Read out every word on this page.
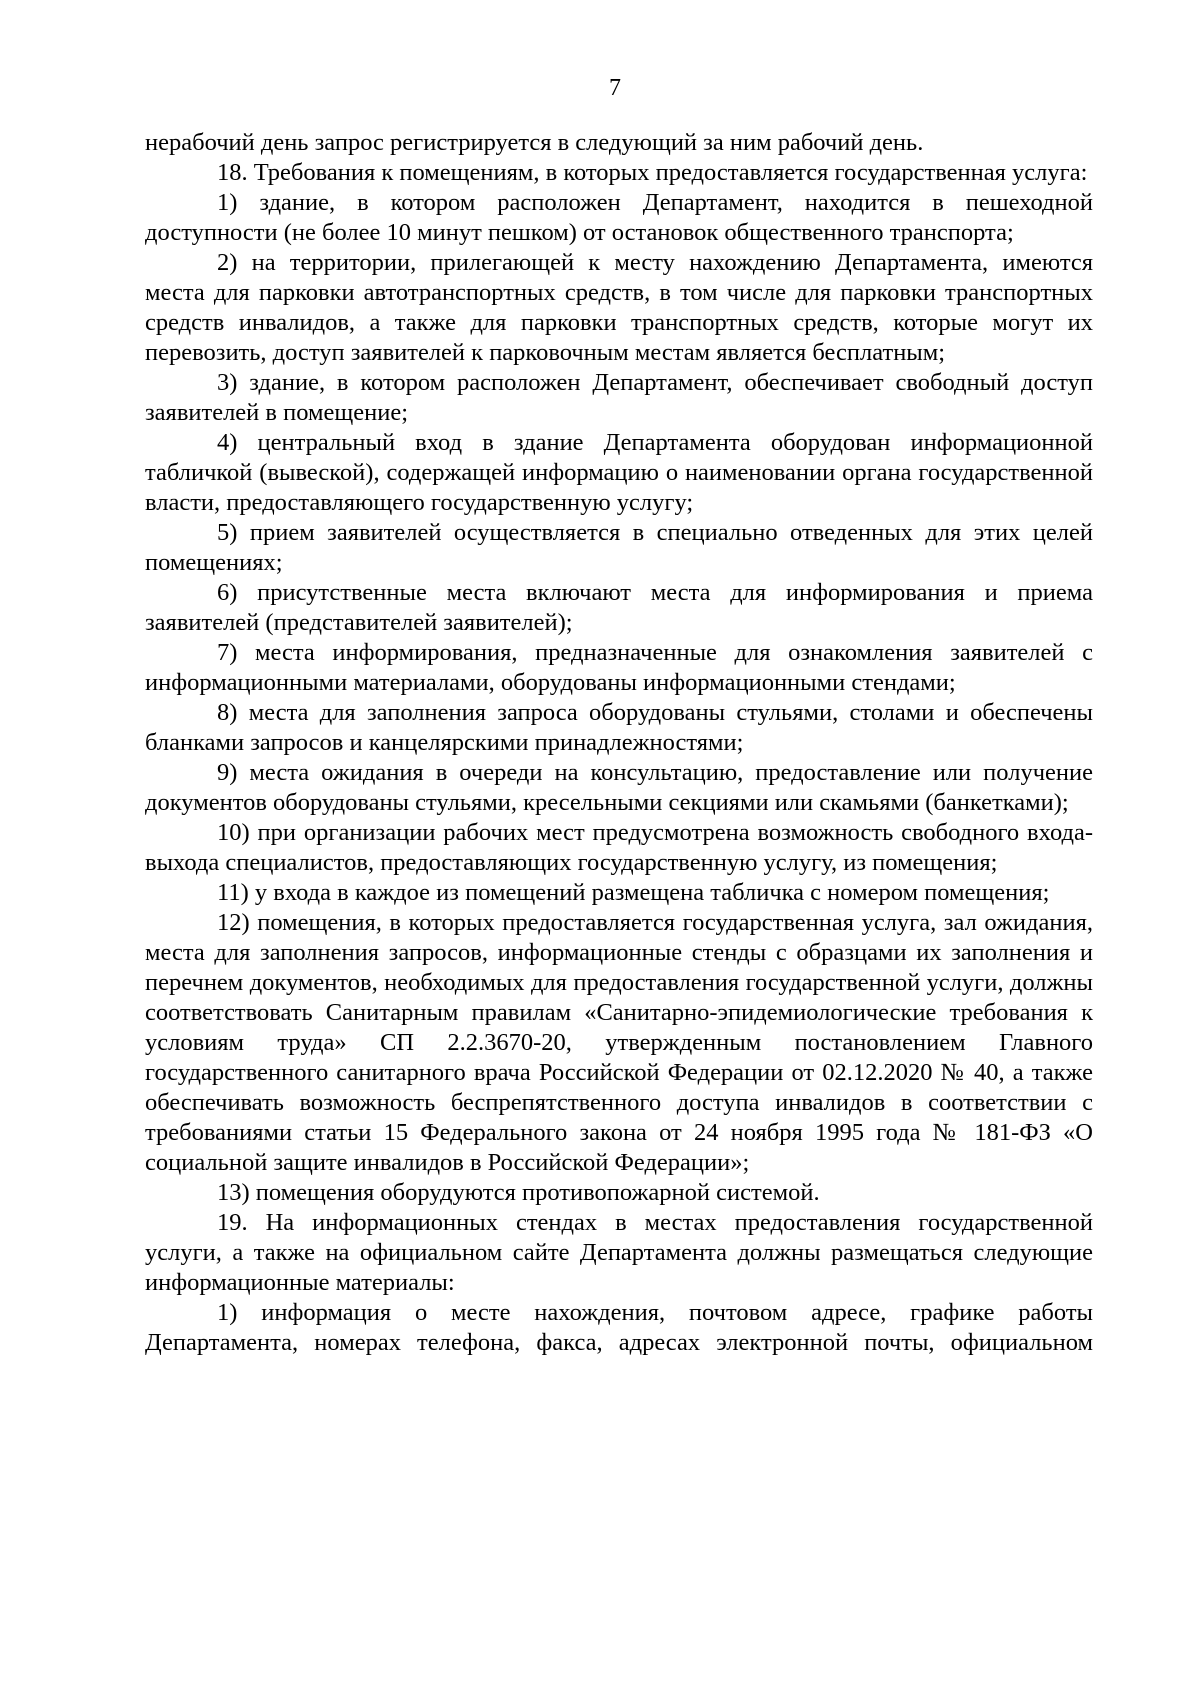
7

нерабочий день запрос регистрируется в следующий за ним рабочий день.

18. Требования к помещениям, в которых предоставляется государственная услуга:

1) здание, в котором расположен Департамент, находится в пешеходной доступности (не более 10 минут пешком) от остановок общественного транспорта;

2) на территории, прилегающей к месту нахождению Департамента, имеются места для парковки автотранспортных средств, в том числе для парковки транспортных средств инвалидов, а также для парковки транспортных средств, которые могут их перевозить, доступ заявителей к парковочным местам является бесплатным;

3) здание, в котором расположен Департамент, обеспечивает свободный доступ заявителей в помещение;

4) центральный вход в здание Департамента оборудован информационной табличкой (вывеской), содержащей информацию о наименовании органа государственной власти, предоставляющего государственную услугу;

5) прием заявителей осуществляется в специально отведенных для этих целей помещениях;

6) присутственные места включают места для информирования и приема заявителей (представителей заявителей);

7) места информирования, предназначенные для ознакомления заявителей с информационными материалами, оборудованы информационными стендами;

8) места для заполнения запроса оборудованы стульями, столами и обеспечены бланками запросов и канцелярскими принадлежностями;

9) места ожидания в очереди на консультацию, предоставление или получение документов оборудованы стульями, кресельными секциями или скамьями (банкетками);

10) при организации рабочих мест предусмотрена возможность свободного входа-выхода специалистов, предоставляющих государственную услугу, из помещения;

11) у входа в каждое из помещений размещена табличка с номером помещения;

12) помещения, в которых предоставляется государственная услуга, зал ожидания, места для заполнения запросов, информационные стенды с образцами их заполнения и перечнем документов, необходимых для предоставления государственной услуги, должны соответствовать Санитарным правилам «Санитарно-эпидемиологические требования к условиям труда» СП 2.2.3670-20, утвержденным постановлением Главного государственного санитарного врача Российской Федерации от 02.12.2020 № 40, а также обеспечивать возможность беспрепятственного доступа инвалидов в соответствии с требованиями статьи 15 Федерального закона от 24 ноября 1995 года № 181-ФЗ «О социальной защите инвалидов в Российской Федерации»;

13) помещения оборудуются противопожарной системой.

19. На информационных стендах в местах предоставления государственной услуги, а также на официальном сайте Департамента должны размещаться следующие информационные материалы:

1) информация о месте нахождения, почтовом адресе, графике работы Департамента, номерах телефона, факса, адресах электронной почты, официальном
